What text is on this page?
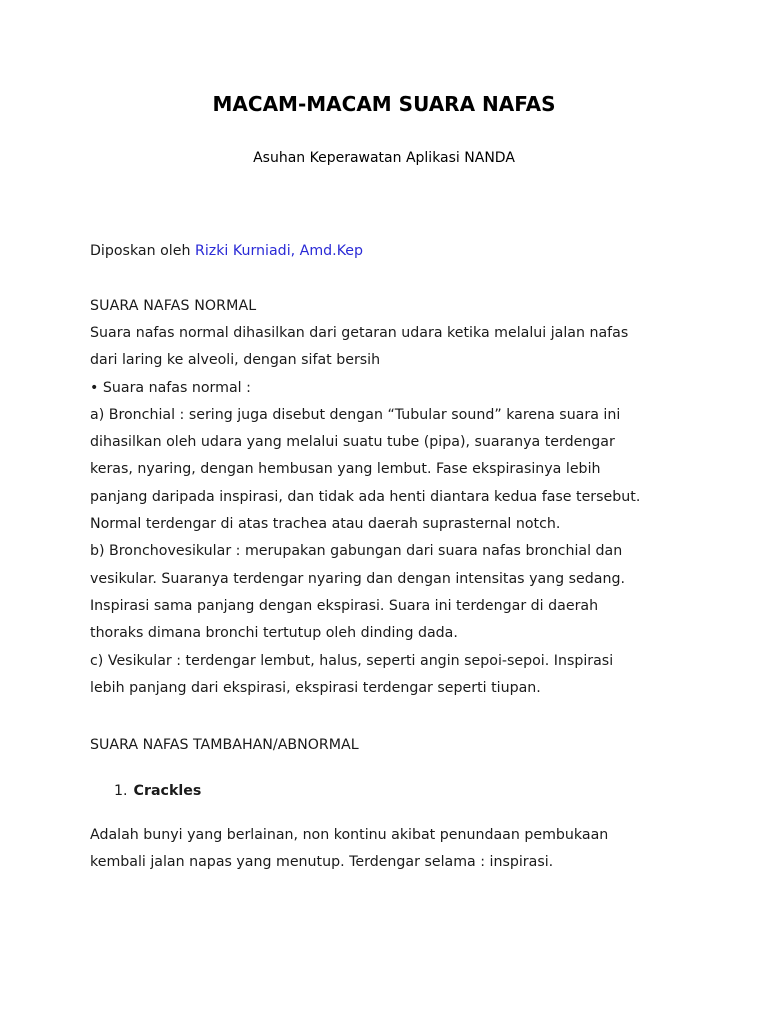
MACAM-MACAM SUARA NAFAS

Asuhan Keperawatan Aplikasi NANDA

Diposkan oleh Rizki Kurniadi, Amd.Kep

SUARA NAFAS NORMAL

Suara nafas normal dihasilkan dari getaran udara ketika melalui jalan nafas
dari laring ke alveoli, dengan sifat bersih
• Suara nafas normal :
a) Bronchial : sering juga disebut dengan “Tubular sound” karena suara ini
dihasilkan oleh udara yang melalui suatu tube (pipa), suaranya terdengar
keras, nyaring, dengan hembusan yang lembut. Fase ekspirasinya lebih
panjang daripada inspirasi, dan tidak ada henti diantara kedua fase tersebut.
Normal terdengar di atas trachea atau daerah suprasternal notch.
b) Bronchovesikular : merupakan gabungan dari suara nafas bronchial dan
vesikular. Suaranya terdengar nyaring dan dengan intensitas yang sedang.
Inspirasi sama panjang dengan ekspirasi. Suara ini terdengar di daerah
thoraks dimana bronchi tertutup oleh dinding dada.
c) Vesikular : terdengar lembut, halus, seperti angin sepoi-sepoi. Inspirasi
lebih panjang dari ekspirasi, ekspirasi terdengar seperti tiupan.

SUARA NAFAS TAMBAHAN/ABNORMAL

1. Crackles

Adalah bunyi yang berlainan, non kontinu akibat penundaan pembukaan
kembali jalan napas yang menutup. Terdengar selama : inspirasi.
